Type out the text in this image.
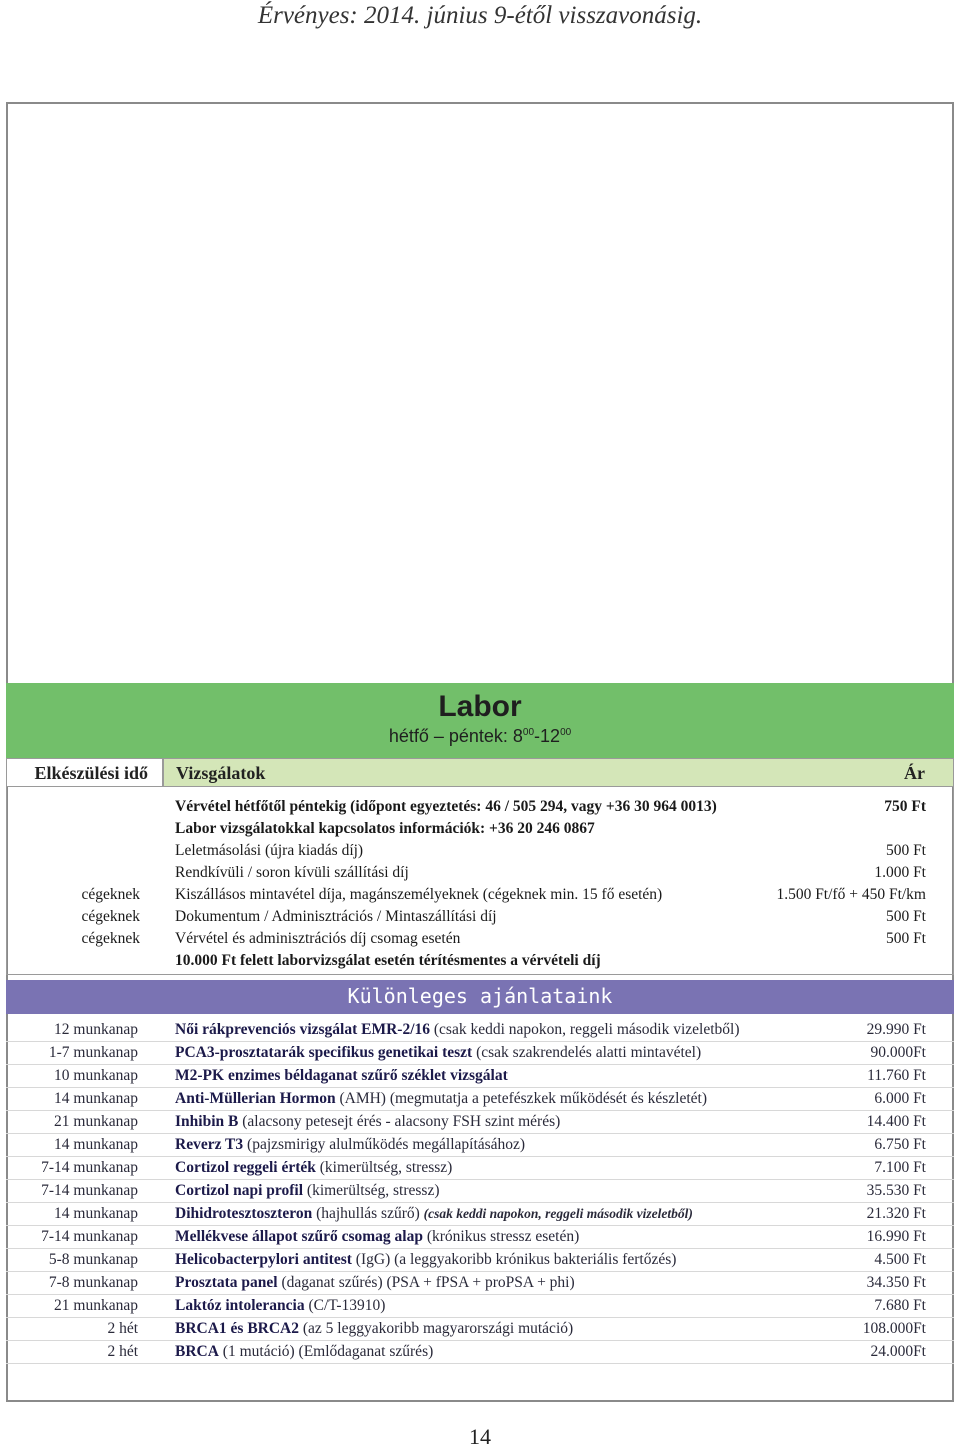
Érvényes: 2014. június 9-étől visszavonásig.
Labor
hétfő – péntek: $8^{00}-12^{00}$
Elkészülési idő	Vizsgálatok	Ár
Vérvétel hétfőtől péntekig (időpont egyeztetés: 46 / 505 294, vagy +36 30 964 0013)	750 Ft
Labor vizsgálatokkal kapcsolatos információk: +36 20 246 0867
Leletmásolási (újra kiadás díj)	500 Ft
Rendkívüli / soron kívüli szállítási díj	1.000 Ft
cégeknek Kiszállásos mintavétel díja, magánszemélyeknek (cégeknek min. 15 fő esetén)	1.500 Ft/fő + 450 Ft/km
cégeknek Dokumentum / Adminisztrációs / Mintaszállítási díj	500 Ft
cégeknek Vérvétel és adminisztrációs díj csomag esetén	500 Ft
10.000 Ft felett laborvizsgálat esetén térítésmentes a vérvételi díj
Különleges ajánlataink
12 munkanap Női rákprevenciós vizsgálat EMR-2/16 (csak keddi napokon, reggeli második vizeletből)	29.990 Ft
1-7 munkanap PCA3-prosztatarák specifikus genetikai teszt (csak szakrendelés alatti mintavétel)	90.000Ft
10 munkanap M2-PK enzimes béldaganat szűrő széklet vizsgálat	11.760 Ft
14 munkanap Anti-Müllerian Hormon (AMH) (megmutatja a petefészkek működését és készletét)	6.000 Ft
21 munkanap Inhibin B (alacsony petesejt érés - alacsony FSH szint mérés)	14.400 Ft
14 munkanap Reverz T3 (pajzsmirigy alulműködés megállapításához)	6.750 Ft
7-14 munkanap Cortizol reggeli érték (kimerültség, stressz)	7.100 Ft
7-14 munkanap Cortizol napi profil (kimerültség, stressz)	35.530 Ft
14 munkanap Dihidrotesztoszteron (hajhullás szűrő) (csak keddi napokon, reggeli második vizeletből)	21.320 Ft
7-14 munkanap Mellékvese állapot szűrő csomag alap (krónikus stressz esetén)	16.990 Ft
5-8 munkanap Helicobacterpylori antitest (IgG) (a leggyakoribb krónikus bakteriális fertőzés)	4.500 Ft
7-8 munkanap Prosztata panel (daganat szűrés) (PSA + fPSA + proPSA + phi)	34.350 Ft
21 munkanap Laktóz intolerancia (C/T-13910)	7.680 Ft
2 hét BRCA1 és BRCA2 (az 5 leggyakoribb magyarországi mutáció)	108.000Ft
2 hét BRCA (1 mutáció) (Emlődaganat szűrés)	24.000Ft
14
